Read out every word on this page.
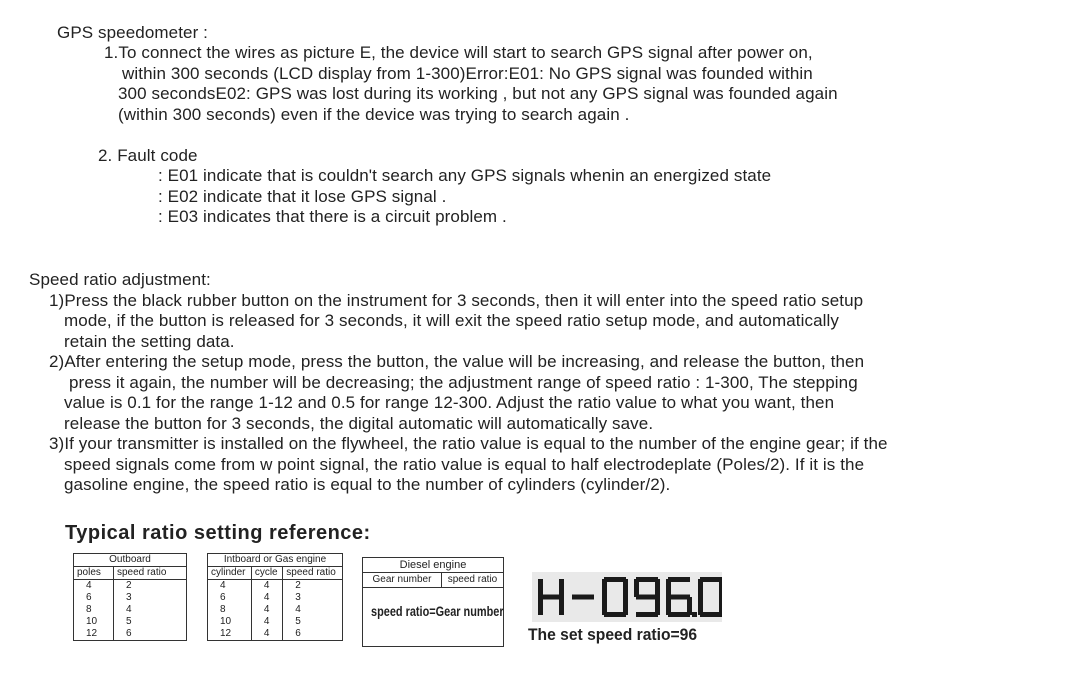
GPS speedometer :
1.To connect the wires as picture E, the device will start to search GPS signal after power on,
within 300 seconds (LCD display from 1-300)Error:E01: No GPS signal was founded within
300 secondsE02: GPS was lost during its working , but not any GPS signal was founded again
(within 300 seconds) even if the device was trying to search again .
2. Fault code
: E01 indicate that is couldn't search any GPS signals whenin an energized state
: E02 indicate that it lose GPS signal .
: E03 indicates that there is a circuit problem .
Speed ratio adjustment:
1)Press the black rubber button on the instrument for 3 seconds, then it will enter into the speed ratio setup
mode, if the button is released for 3 seconds, it will exit the speed ratio setup mode, and automatically
retain the setting data.
2)After entering the setup mode, press the button, the value will be increasing, and release the button, then
press it again, the number will be decreasing; the adjustment range of speed ratio : 1-300, The stepping
value is 0.1 for the range 1-12 and 0.5 for range 12-300. Adjust the ratio value to what you want, then
release the button for 3 seconds, the digital automatic will automatically save.
3)If your transmitter is installed on the flywheel, the ratio value is equal to the number of the engine gear; if the
speed signals come from w point signal, the ratio value is equal to half electrodeplate (Poles/2). If it is the
gasoline engine, the speed ratio is equal to the number of cylinders (cylinder/2).
Typical ratio setting reference:
Outboard	
poles	speed ratio
4	2
6	3
8	4
10	5
12	6
Intboard or Gas engine		
cylinder	cycle	speed ratio
4	4	2
6	4	3
8	4	4
10	4	5
12	4	6
Diesel engine
Gear number	speed ratio
speed ratio=Gear number
The set speed ratio=96
